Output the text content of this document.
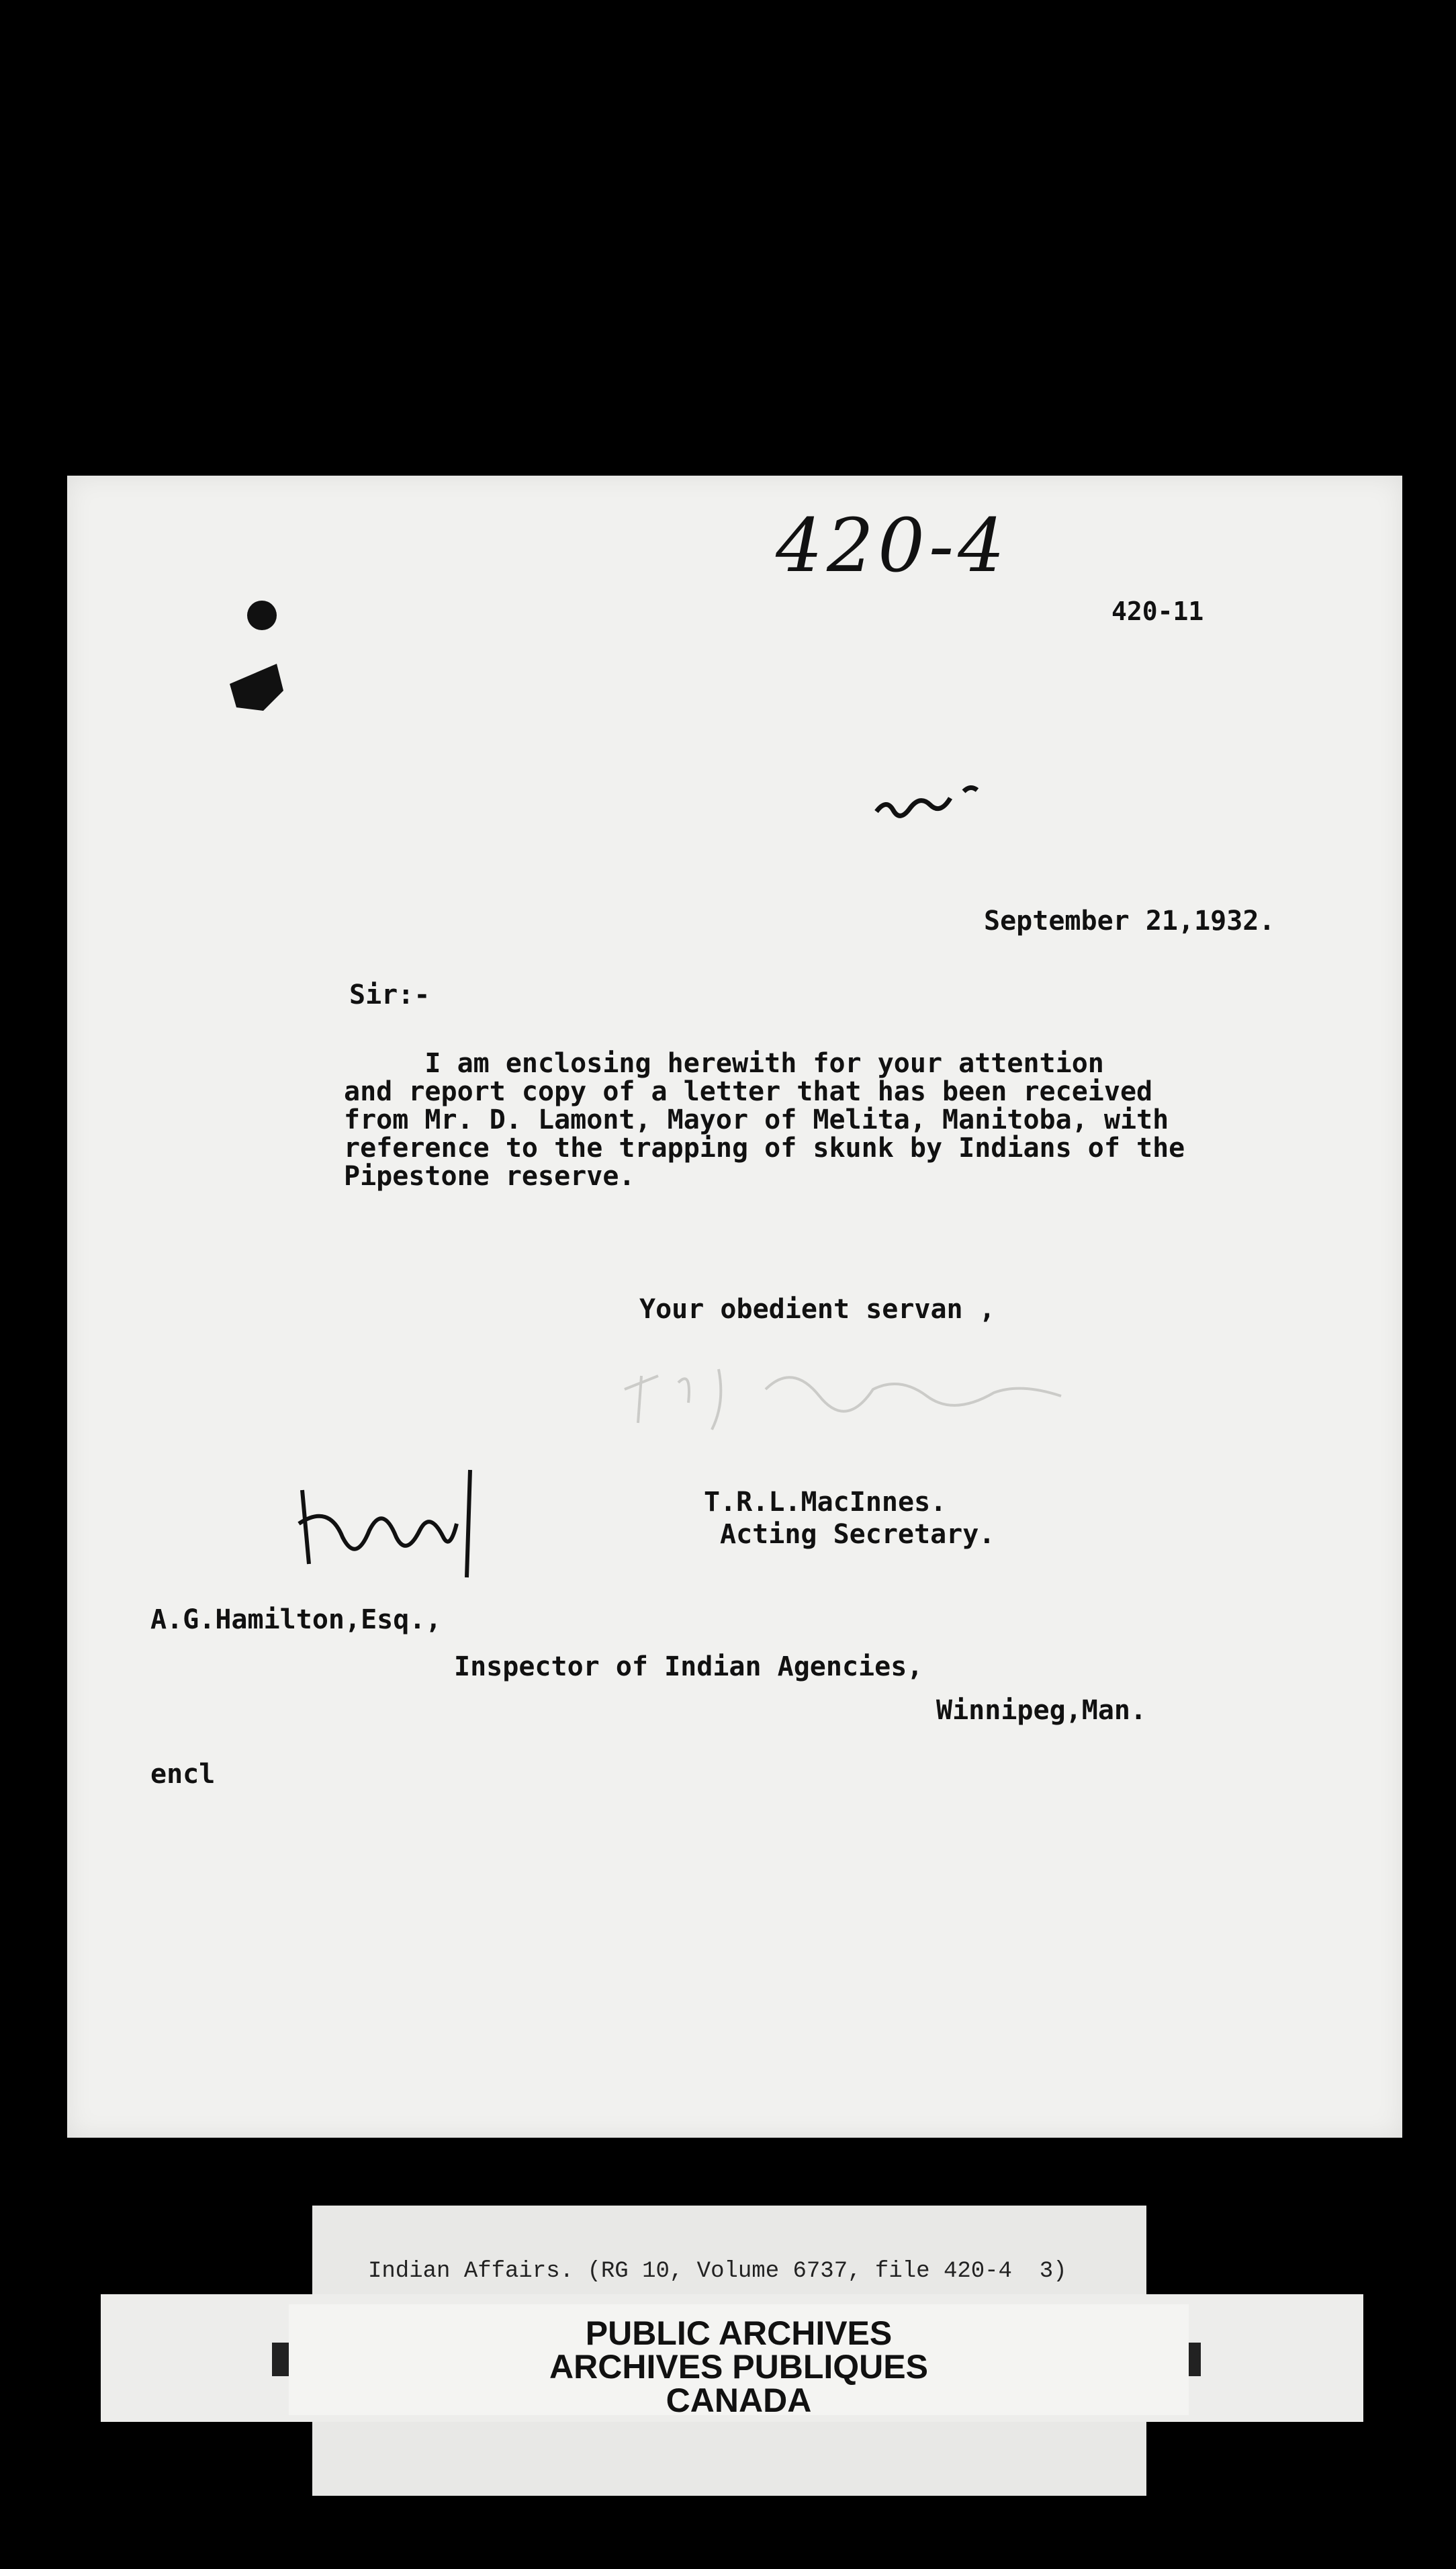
420-4
420-11
September 21,1932.
Sir:-
I am enclosing herewith for your attention
and report copy of a letter that has been received
from Mr. D. Lamont, Mayor of Melita, Manitoba, with
reference to the trapping of skunk by Indians of the
Pipestone reserve.
Your obedient servan ,
T.R.L.MacInnes.
Acting Secretary.
A.G.Hamilton,Esq.,
Inspector of Indian Agencies,
Winnipeg,Man.
encl
Indian Affairs. (RG 10, Volume 6737, file 420-4  3)
PUBLIC ARCHIVES
ARCHIVES PUBLIQUES
CANADA
